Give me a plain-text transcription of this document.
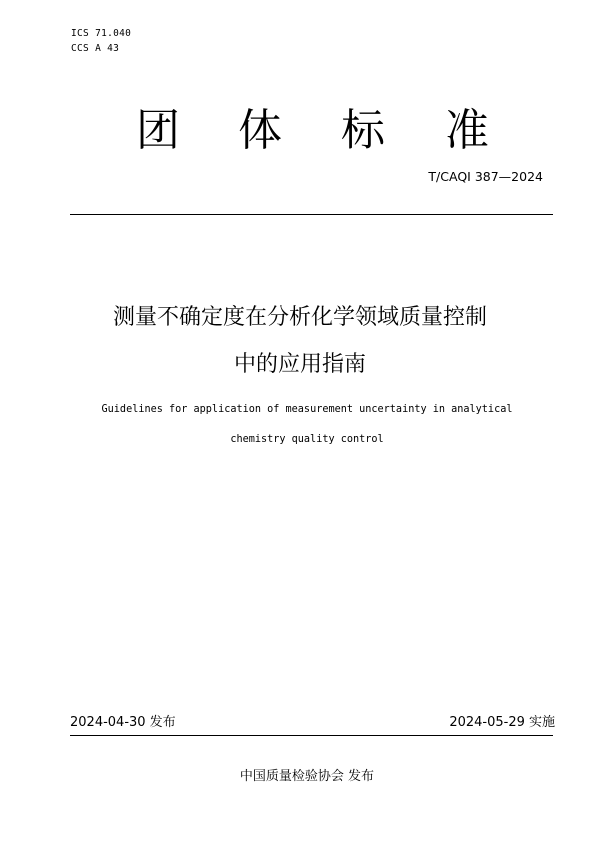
ICS 71.040
CCS A 43
团 体 标 准
T/CAQI 387—2024
测量不确定度在分析化学领域质量控制
中的应用指南
Guidelines for application of measurement uncertainty in analytical
chemistry quality control
2024-04-30 发布	2024-05-29 实施
中国质量检验协会 发布
